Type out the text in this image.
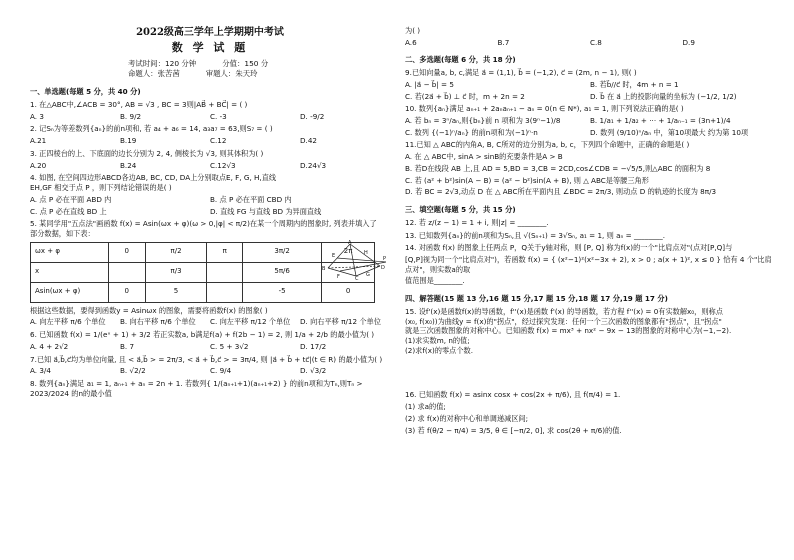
2022级高三学年上学期期中考试
数 学 试 题
考试时间：120 分钟	分值：150 分
命题人：张苦茜	审题人：朱天玲
一、单选题(每题 5 分，共 40 分)
1. 在△ABC中,∠ACB = 30°, AB = √3 , BC = 3则|AB⃗ + BC⃗| = ( )
A. 3	B. 9/2	C. -3	D. -9/2
2. 记Sₙ为等差数列{aₙ}的前n项和, 若 a₄ + a₆ = 14, a₃a₇ = 63,则S₇ = ( )
A.21	B.19	C.12	D.42
3. 正四棱台的上、下底面的边长分别为 2, 4, 侧棱长为 √3, 则其体积为( )
A.20	B.24	C.12√3	D.24√3
4. 如图, 在空间四边形ABCD各边AB, BC, CD, DA上分别取点E, F, G, H,直线
EH,GF 相交于点 P ，则下列结论错误的是( )
A. 点 P 必在平面 ABD 内	B. 点 P 必在平面 CBD 内
C. 点 P 必在直线 BD 上	D. 直线 FG 与直线 BD 为异面直线
5. 某同学用"五点法"画函数 f(x) = Asin(ωx + φ)(ω > 0,|φ| < π/2)在某一个周期内的图象时, 列表并填入了
部分数据，如下表：
ωx + φ	0	π/2	π	3π/2	2π
x		π/3		5π/6	
Asin(ωx + φ)	0	5		-5	0
根据这些数据，要得到函数y = Asinωx 的图象，需要将函数f(x) 的图象( )
A. 向左平移 π/6 个单位	B. 向右平移 π/6 个单位	C. 向左平移 π/12 个单位	D. 向右平移 π/12 个单位
6. 已知函数 f(x) = 1/(eˣ + 1) + 3/2 若正实数a, b满足f(a) + f(2b − 1) = 2, 则 1/a + 2/b 的最小值为( )
A. 4 + 2√2	B. 7	C. 5 + 3√2	D. 17/2
7.已知 a⃗,b⃗,c⃗均为单位向量, 且 < a⃗,b⃗ > = 2π/3, < a⃗ + b⃗,c⃗ > = 3π/4, 则 |a⃗ + b⃗ + tc⃗|(t ∈ R) 的最小值为( )
A. 3/4	B. √2/2	C. 9/4	D. √3/2
8. 数列{aₙ}满足 a₁ = 1, aₙ₊₁ + aₙ = 2n + 1. 若数列{ 1/(aₙ₊₁+1)(aₙ₊₁+2) } 的前n项和为Tₙ,则Tₙ > 2023/2024 的n的最小值
A
E	H
D
B
F	G
C
P
为( )
A.6	B.7	C.8	D.9
二、多选题(每题 6 分，共 18 分)
9.已知向量a, b, c,满足 a⃗ = (1,1), b⃗ = (−1,2), c⃗ = (2m, n − 1), 则( )
A. |a⃗ − b⃗| = 5	B. 若b⃗//c⃗ 时，4m + n = 1
C. 若(2a⃗ + b⃗) ⊥ c⃗ 时，m + 2n = 2	D. b⃗ 在 a⃗ 上的投影向量的坐标为 (−1/2, 1/2)
10. 数列{aₙ}满足 aₙ₊₁ + 2aₙaₙ₊₁ − aₙ = 0(n ∈ N*), a₁ = 1, 则下列说法正确的是( )
A. 若 bₙ = 3ⁿ/aₙ,则{bₙ}前 n 项和为 3(9ⁿ−1)/8	B. 1/a₁ + 1/a₂ + ··· + 1/aₙ₋₁ = (3n+1)/4
C. 数列 {(−1)ⁿ/aₙ} 的前n项和为(−1)ⁿ·n	D. 数列 (9/10)ⁿ/aₙ 中，第10项最大 约为第 10项
11.已知 △ ABC的内角A, B, C所对的边分别为a, b, c，下列四个命题中，正确的命题是( )
A. 在 △ ABC中, sinA > sinB的充要条件是A > B
B. 若D在线段 AB 上,且 AD = 5,BD = 3,CB = 2CD,cos∠CDB = −√5/5,则△ABC 的面积为 8
C. 若 (a² + b²)sin(A − B) = (a² − b²)sin(A + B), 则 △ ABC是等腰三角形
D. 若 BC = 2√3,动点 D 在 △ ABC所在平面内且 ∠BDC = 2π/3, 则动点 D 的轨迹的长度为 8π/3
三、填空题(每题 5 分，共 15 分)
12. 若 z/(z − 1) = 1 + i, 则|z| = ________.
13. 已知数列{aₙ}的前n项和为Sₙ,且 √(Sₙ₊₁) = 3√Sₙ, a₁ = 1, 则 aₙ = ________.
14. 对函数 f(x) 的图象上任两点 P，Q关于y轴对称，则 [P, Q] 称为f(x)的一个"比肩点对"(点对[P,Q]与
[Q,P]视为同一个"比肩点对")，若函数 f(x) = { (x²−1)²(x²−3x + 2), x > 0 ; a(x + 1)², x ≤ 0 } 恰有 4 个"比肩点对"，则实数a的取
值范围是________.
四、解答题(15 题 13 分,16 题 15 分,17 题 15 分,18 题 17 分,19 题 17 分)
15. 设f'(x)是函数f(x)的导函数，f''(x)是函数 f'(x) 的导函数，若方程 f''(x) = 0有实数解x₀，则称点
(x₀, f(x₀))为曲线y = f(x)的"拐点"，经过探究发现：任何一个三次函数的图象都有"拐点"，且"拐点"
就是三次函数图象的对称中心。已知函数 f(x) = mx³ + nx² − 9x − 13的图象的对称中心为(−1,−2).
(1)求实数m, n的值;
(2)求f(x)的零点个数.
16. 已知函数 f(x) = asinx cosx + cos(2x + π/6), 且 f(π/4) = 1.
(1) 求a的值;
(2) 求 f(x)的对称中心和单调递减区间;
(3) 若 f(θ/2 − π/4) = 3/5, θ ∈ [−π/2, 0], 求 cos(2θ + π/6)的值.
